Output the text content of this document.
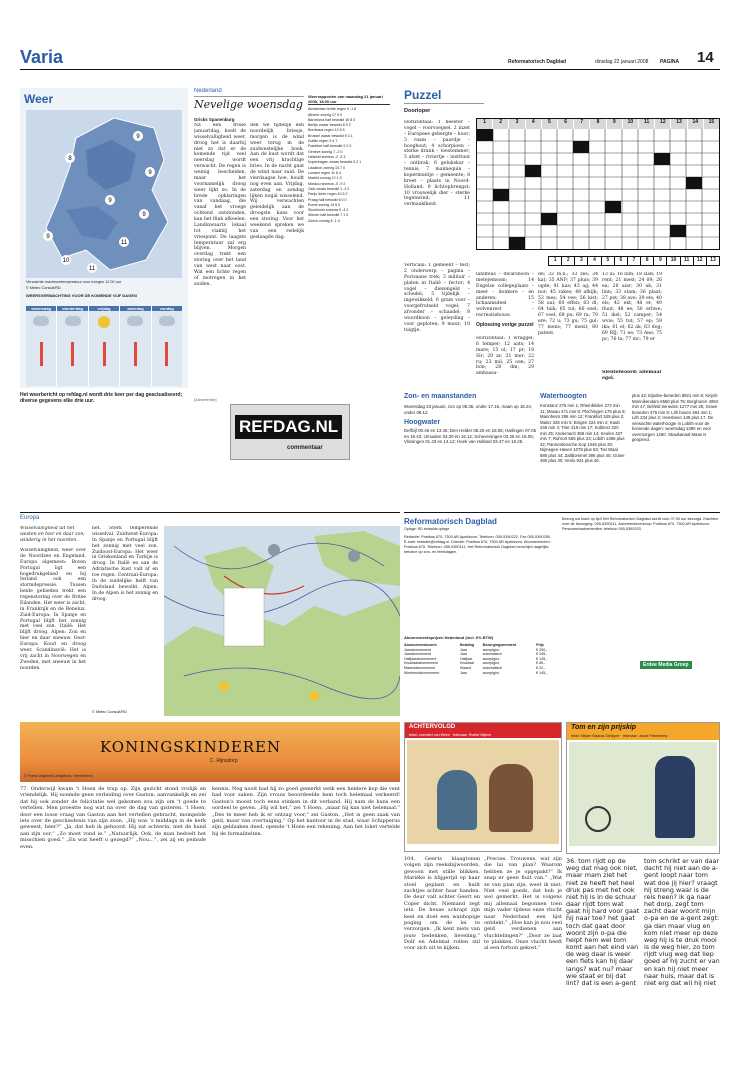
Varia	Reformatorisch Dagblad	dinsdag 22 januari 2008 PAGINA 14
Weer
8
9
9
9
9
9
10
11
11
Verwachte maximumtemperatuur voor morgen 12.00 uur
© Meteo Consult/RD
WEERSVERWACHTING VOOR DE KOMENDE VIJF DAGEN
woensdag	donderdag	vrijdag	zaterdag	zondag
Het weerbericht op refdag.nl wordt drie keer per dag geactualiseerd; diverse gegevens elke drie uur.
Nederland
Nevelige woensdag
Gricks Spanenburg
Na een frisse januaridag, koelt de wisselvalligheid weer, droog het is daarbij niet zo dat er de komende tijd veel neerslag wordt verwacht. De regen is weinig bescheiden, maar het voornamelijk droog weer lijkt zo. In de brede opklaringen van vandaag, die vanaf het vroege ochtend ontstonden, kan het flink afkoelen. Landinwaarts lokaal tot vlakbij het vriespunt. De laagste temperatuur zal erg blijven. Morgen overdag trekt een storing over het land van west naar oost. Wat een lichte regen of motregen in het zuiden.
den we tijdelijk een noordelijk briesje, morgen is de wind weer terug in de zuidwestelijke hoek. Aan de kust wordt dat een vrij krachtige bries. In de nacht gaat de wind naar zuid. De vierdaagse hoe, houdt nog even aan. Vrijdag, zaterdag en zondag lijken nogal wisselend. Wij verwachten geleidelijk aan de droogste kans voor een storing. Voor het weekend spreken we van een redelijk geslaagde dag.
Weerrapporten van maandag 21 januari 2008, 18.00 uur
Amsterdam lichte regen 9 -1 8
Athene zonnig 17 9 0
Barcelona half bewolkt 16 8 0
Berlijn zwaar bewolkt 8 3 2
Bordeaux regen 12 6 5
Brussel zwaar bewolkt 9 3 1
Dublin regen 9 4 7
Frankfurt half bewolkt 9 2 0
Genève zonnig 7 -2 0
Helsinki sneeuw -2 -5 3
Kopenhagen zwaar bewolkt 5 2 1
Lissabon zonnig 15 7 0
Londen regen 11 6 4
Madrid zonnig 12 1 0
Moskou sneeuw -5 -9 2
Oslo zwaar bewolkt 1 -3 0
Parijs lichte regen 10 5 2
Praag half bewolkt 6 0 0
Rome zonnig 14 6 0
Stockholm sneeuw 0 -4 2
Wenen half bewolkt 7 1 0
Zürich zonnig 6 -1 0
Puzzel
Doorloper
Horizontaal: 1 heester – vogel – voorvoegsel. 2 inzet – Europees gebergte – koor; 3 raam – paardje – hooghout; 4 schorpioen – sterke drank – toestemmer; 5 afzet – riviertje – instituut – ontbrak; 6 gelukskar – tennis; 7 mannequin – kopermuntje – gemeente; 8 kreet – plaats in Noord-Holland; 9 lichtopbrengst; 10 vrouwelijk dier – sterke tegenwind; 11 vermaaklheid.
Verticaal: 1 gemeent – test; 2 onderwerp – pagina – Porisaane trek; 3 militair – platen in Italië – fector; 4 vogel – diezengeld – schedel; 5 tijdelijk – ingewikkeld; 6 gram voor – voorgefrutseld vogel; 7 afvonder – schaadel; 8 woordkoon – geleyding – voor geploten; 9 muur; 10 tuigtje.
1	2	3	4	5	6	7	8	9	10	11	12	13	14	15
1	2	3	4	5	6	7	8	9	10	11	12	13
landbuis – dwarsboon – metejemsom; 14 Engelse collegeplaats – meer – donkere – en anderen; 15 lichaamsdeel – wolvenrest – recreatiebouw.
Oplossing vorige puzzel
Horizontaal: 1 wraggel; 6 temper; 12 aats; 14 mare; 15 ol; 17 pr; 18 Sir; 20 ar; 21 mer; 22 ru; 23 mil; 25 oen; 27 bon; 28 dm; 29 ambassa-
de; 32 m.n.; 33 zes; 34 kat; 35 ANP; 37 pluis; 39 ogde; 41 kas; 43 ag; 44 nor; 45 rakes; 48 afkijk; 53 mes; 54 vee; 56 kist; 58 uul; 60 effen; 63 dl; 64 tuik; 65 tul; 66 ezel; 67 voel; 68 pu; 69 ra; 70 ere; 72 u; 73 gu; 75 gul; 77 mens; 77 meisl; 80 patent.
13 ui; 16 lum; 18 slab; 19 rent; 21 mest; 24 09; 26 ea; 28 aiar; 30 ak; 31 linn; 33 stam; 36 plaat; 27 pet; 38 ave; 39 ets; 40 els; 42 ekt; 48 et; 49 fluut; 48 ee; 50 erliwe; 51 ikel; 52 camper; 54 wvie; 55 tut; 57 ep; 59 ika; 61 el; 62 ak; 63 dog; 69 RIJ; 71 ee; 73 Ane; 75 pc; 76 ta; 77 mc; 79 er
Sleutelwoord: allemaal egel.
[Advertentie]
REFDAG.NL
commentaar
Zon- en maanstanden
Woensdag 23 januari, zon op 08.35, onder 17.16, maan op 18.24, onder 08.12.
Hoogwater
Delfzijl 00.46 en 13.46; Den Helder 05.25 en 18.05; Harlingen 07.05 en 19.43; IJmuiden 03.30 en 16.12; Scheveningen 03.25 en 16.05; Vlissingen 01.43 en 14.12; Hoek van Holland 03.47 en 16.25.
Waterhoogten
Konstanz 275 min 1; Rheinfelden 273 min 11; Maxau 471 min 8; Plochingen 175 plus 9; Mannheim 286 min 12; Frankfurt 349 plus 2; Mainz 325 min 5; Bingen 224 min 2; Kaub 246 min 4; Trier 219 min 17; Koblenz 320 min 25; Andernach 359 min 14; Keulen 427 min 7; Ruhrort 565 plus 23; Lobith 1396 plus 22; Pannerdensche Kop 1046 plus 20; Nijmegen-Haven 1078 plus 63; Tiel Waal 586 plus 44; Zaltbommel 395 plus 45; Grave 490 plus 30; Venlo 931 plus 46.
plus 42; Eijsden-beneden 8921 min 8; Kinjsh-Monnikendam 6560 plus 75; Borghuren 4084 min 47; Belfeld beneden 1277 min 25; Grave beneden 375 min 8; Lith boven 484 min 1; Lith 234 plus 2; Heesbeen 145 plus 17. De verwachte waterhoogte in Lobith voor de komende dagen: woensdag 1380 en voor overmorgen 1260. Stuwkanaal Maas is geopend.
Europa
Wisselvalligheid uit het westen en hier en daar zon; winderig in het noorden.
Wisselvalligheid, weer over de Noordzee en Engeland. Europa algemeen: Boven Portugal ligt een hogedrukgebied en bij Ierland ook een stormdepressie. Tussen beide gebieden trekt een regenstoring over de Britse Eilanden. Het weer is zacht, in Frankrijk en de Benelux. Zuid-Europa: In Spanje en Portugal blijft het zonnig met veel zon. Italië: Het blijft droog. Alpen: Zon en hier en daar sneeuw. Oost-Europa: Koud en droog weer. Scandinavië: Het is vrij zacht in Noorwegen en Zweden, met sneeuw in het noorden.
het. Sterk temperende wisselval. Zuidwest-Europa: In Spanje en Portugal blijft het zonnig met veel zon. Zuidoost-Europa: Het weer in Griekenland en Turkije is droog. In Italië en aan de Adriatische kust valt af en toe regen. Centraal-Europa: In de zuidelijke helft van Duitsland bewolkt. Alpen: In de Alpen is het zonnig en droog.
© Meteo Consult/RD
Reformatorisch Dagblad
Oplage: RD betaalde oplage
Redactie: Postbus 670, 7300 AR Apeldoorn. Telefoon: 055-5390222. Fax 055-5390255. E-mail: redactie@refdag.nl. Directie: Postbus 670, 7300 AR Apeldoorn. Abonnementen: Postbus 670. Telefoon: 055-5390111. Het Reformatorisch Dagblad verschijnt dagelijks behalve op zon- en feestdagen.
Abonnementsprijzen Nederland (incl. 6% BTW)
Abonnementsvorm	Betaling	Bezorgingsmoment	Prijs
Jaarabonnement	Jaar	acceptgiro	€ 250,-
Jaarabonnement	Jaar	automatisch	€ 245,-
Halfjaarabonnement	Halfjaar	acceptgiro	€ 128,-
Kwartaalabonnement	Kwartaal	acceptgiro	€ 66,-
Maandabonnement	Maand	automatisch	€ 22,-
Weekendabonnement	Jaar	acceptgiro	€ 145,-
Bezorg uw krant op tijd! Het Reformatorisch Dagblad wordt vóór 07.00 uur bezorgd. Klachten over de bezorging: 055-5390111. Advertentieverkoop: Postbus 670, 7300 AR Apeldoorn. Personeelsadvertenties: telefoon 055-5390333.
Erdee Media Groep
KONINGSKINDEREN
C. Rijnsdorp
© Friese Uitgeverij Jongbloed, Heerenveen
77. Onderwijl kwam 't Hoen de trap op. Zijn gezicht stond vrolijk en vriendelijk. Hij noemde geen verleiding over Gaston: aanvankelijk en zei dat hij ook zonder de felicitatie wel gekomen zou zijn om 't goede te vertellen. Men proestte nog wat na over de dag van gisteren. 't Hoen, door een losse vraag van Gaston aan het vertellen gebracht, mompelde iets over de geschiedenis van zijn zoon. „Hij was 's middags in de kerk geweest, heer?” „Ja, dat heb ik gehoord. Hij zat achterin, met de hand aan zijn oor.” „Zo moet vond ie.” „Natuurlijk. Ook, de man bedoelt het misschien goed.” „En wat heeft u gezegd?” „Nou...”, zei zij en peinsde even.
kennis. Nog nooit had hij zo goed gemerkt welk een heldere kop die vent had voor zaken. Zijn vrouw beoordeelde hem toch helemaal verkeerd! Gaston's moest toch eens stinken in dit verband. Hij nam de kans een oordeel te geven. „Hij wil het,” zei 't Hoen, „maar hij kan niet helemaal.” „Des te meer heb ik er ontzag voor,” zei Gaston. „Het is geen zaak van geld, maar van overtuiging.” Op het kantoor in de stad, waar Schipperus zijn geldzaken deed, opende 't Hoen een rekening. Aan het loket vertelde hij de formaliteiten.
ACHTERVOLGD
tekst: Leendert van Wees · tekenaar: Roelof Wijnne
104. Geerts klaagtonen volgen zijn reeksbijwoorden, gewoon met stille blikken. Mariëke is blijgerijd op haar stoel geplant en huilt zachtjes achter haar handen. De deur valt achter Geert en Coper dicht. Niemand zegt iets. De heuse schrapt zijn keel en doet een wanhopige poging om de lei te verzorgen. „Ik kent niets van jouw bedenken, lieveling.” Dolf en Adelmal rollen stil voor zich uit te kijken.
„Precies. Trouwens, wat zijn die lui van plan? Waarom hebben ze je opgepakt?” Ik snap er geen fluit van.” „Wat ze van plan zijn, weet ik niet. Niet veel goeds, dat heb je wel gemerkt. Het is volgens mij allemaal begonnen toen mijn vader tijdens onze vlucht naar Nederland een lijst ontdekt.” „Hoe kan je nou veel geld verdienen aan vluchtelingen?” „Door ze laat te plakken. Onze vlucht heeft al een fortuin gekost.”
Tom en zijn prijskip
tekst: Mirjam Blaauw-Schipper · tekenaar: Jacob Pieterkamp
36. tom rijdt op de weg dat mag ook niet, maar mam ziet het niet ze heeft het heel druk pas met het ook niet hij is in de schuur daar rijdt tom wat gaat hij hard voor gaat hij naar toe? het gaat toch dat gaat door woont zijn o-pa die helpt hem wel tom komt aan het eind van de weg daar is weer een fiets kan hij daar langs? wat nu? maar wie staat er bij dat lint? dat is een a-gent
tom schrikt er van daar dacht hij niet aan de a-gent loopt naar tom wat doe jij hier? vraagt hij streng waar is de reis heen? ik ga naar het dorp, zegt tom zacht daar woont mijn o-pa en de a-gent zegt: ga dan maar vlug en kom niet meer op deze weg hij is te druk mooi is de weg hier, zo tom rijdt vlug weg dat liep goed af hij zucht er van en kan hij niet meer naar huis, maar dat is niet erg dat wil hij niet
